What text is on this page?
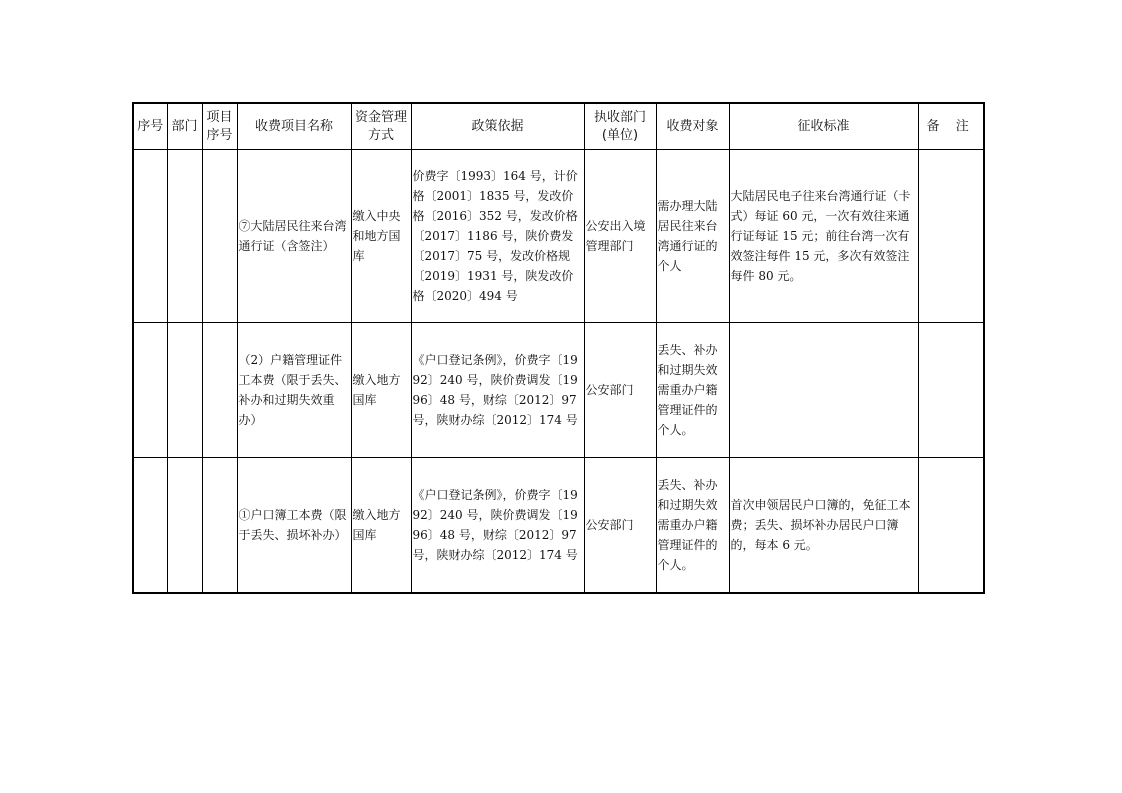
序号	部门	项目序号	收费项目名称	资金管理方式	政策依据	执收部门(单位)	收费对象	征收标准	备 注
			⑦大陆居民往来台湾通行证（含签注）	缴入中央和地方国库	价费字〔1993〕164 号，计价格〔2001〕1835 号，发改价格〔2016〕352 号，发改价格〔2017〕1186 号，陕价费发〔2017〕75 号，发改价格规〔2019〕1931 号，陕发改价格〔2020〕494 号	公安出入境管理部门	需办理大陆居民往来台湾通行证的个人	大陆居民电子往来台湾通行证（卡式）每证 60 元，一次有效往来通行证每证 15 元；前往台湾一次有效签注每件 15 元，多次有效签注每件 80 元。	
			（2）户籍管理证件工本费（限于丢失、补办和过期失效重办）	缴入地方国库	《户口登记条例》，价费字〔1992〕240 号，陕价费调发〔1996〕48 号，财综〔2012〕97 号，陕财办综〔2012〕174 号	公安部门	丢失、补办和过期失效需重办户籍管理证件的个人。		
			①户口簿工本费（限于丢失、损坏补办）	缴入地方国库	《户口登记条例》，价费字〔1992〕240 号，陕价费调发〔1996〕48 号，财综〔2012〕97 号，陕财办综〔2012〕174 号	公安部门	丢失、补办和过期失效需重办户籍管理证件的个人。	首次申领居民户口簿的，免征工本费；丢失、损坏补办居民户口簿的，每本 6 元。	
